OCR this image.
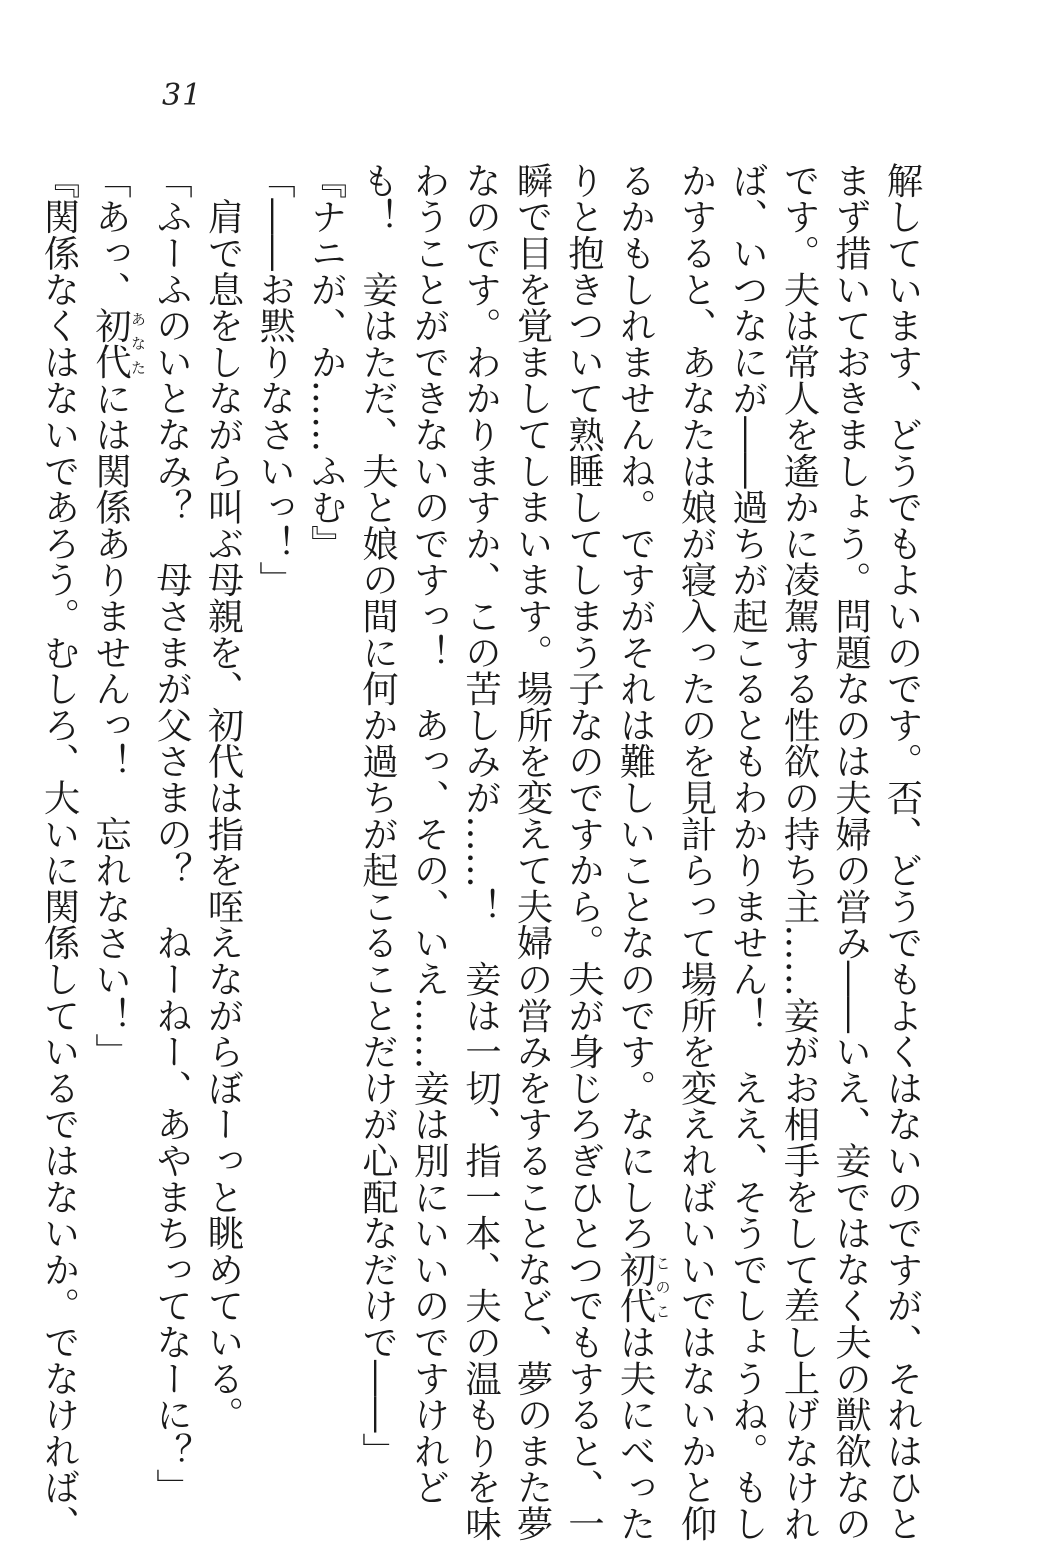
31
解しています、どうでもよいのです。否、どうでもよくはないのですが、それはひと
まず措いておきましょう。問題なのは夫婦の営み――いえ、妾ではなく夫の獣欲なの
です。夫は常人を遙かに凌駕する性欲の持ち主……妾がお相手をして差し上げなけれ
ば、いつなにが――過ちが起こるともわかりません！　ええ、そうでしょうね。もし
かすると、あなたは娘が寝入ったのを見計らって場所を変えればいいではないかと仰
るかもしれませんね。ですがそれは難しいことなのです。なにしろ初代このこは夫にべった
りと抱きついて熟睡してしまう子なのですから。夫が身じろぎひとつでもすると、一
瞬で目を覚ましてしまいます。場所を変えて夫婦の営みをすることなど、夢のまた夢
なのです。わかりますか、この苦しみが……！　妾は一切、指一本、夫の温もりを味
わうことができないのですっ！　あっ、その、いえ……妾は別にいいのですけれど
も！　妾はただ、夫と娘の間に何か過ちが起こることだけが心配なだけで――」
『ナニが、か……ふむ』
「――お黙りなさいっ！」
　肩で息をしながら叫ぶ母親を、初代は指を咥えながらぼーっと眺めている。
「ふーふのいとなみ？　母さまが父さまの？　ねーねー、あやまちってなーに？」
「あっ、初代あなたには関係ありませんっ！　忘れなさい！」
『関係なくはないであろう。むしろ、大いに関係しているではないか。でなければ、
